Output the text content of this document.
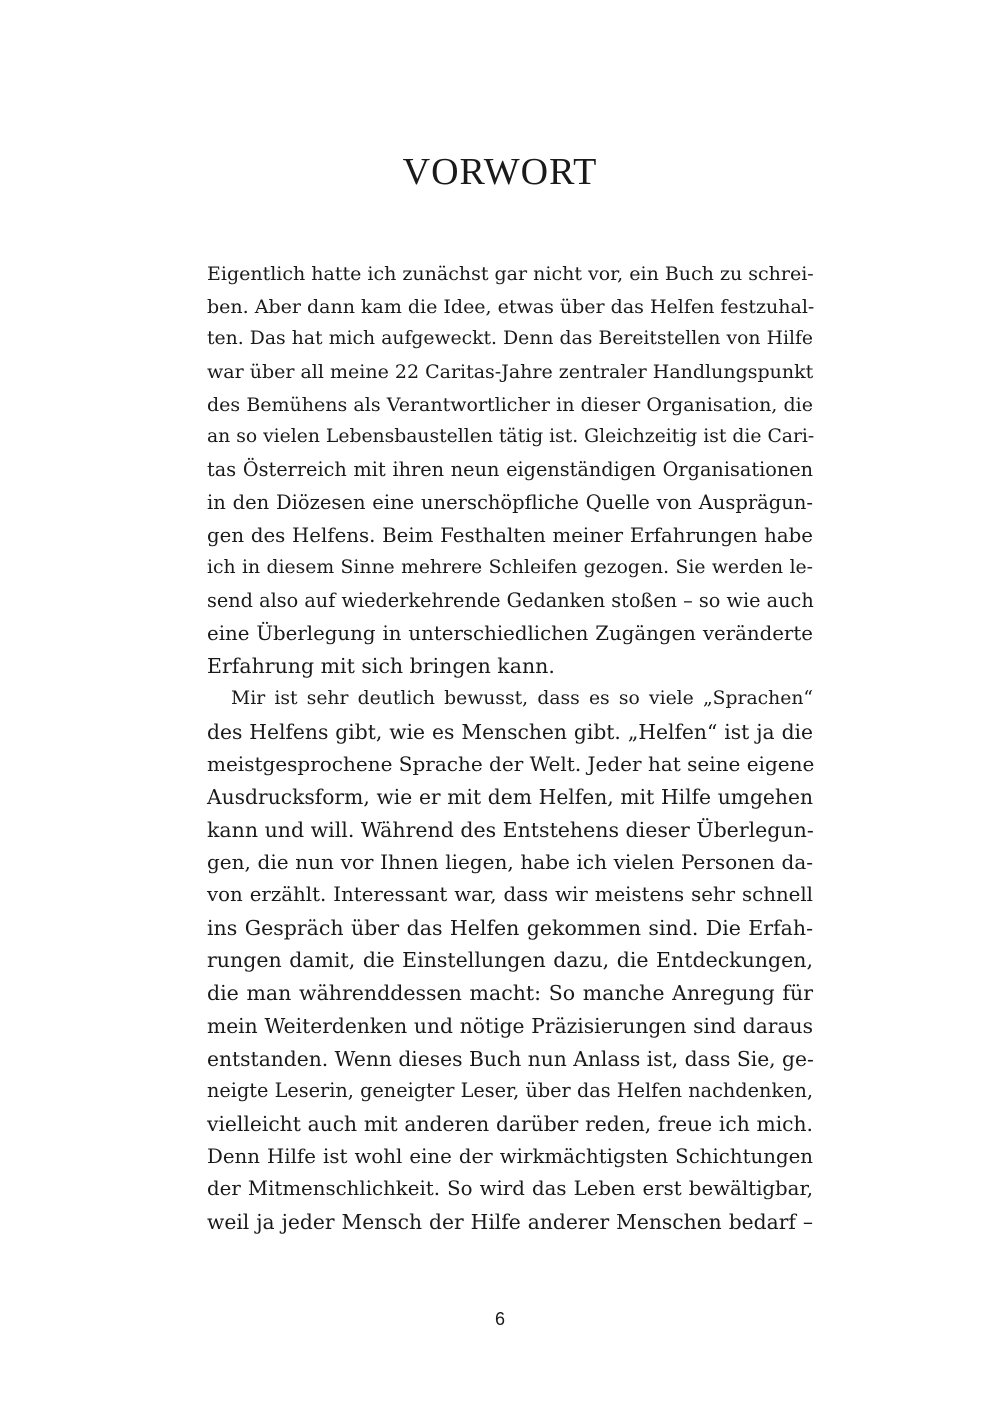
VORWORT
Eigentlich hatte ich zunächst gar nicht vor, ein Buch zu schrei-
ben. Aber dann kam die Idee, etwas über das Helfen festzuhal-
ten. Das hat mich aufgeweckt. Denn das Bereitstellen von Hilfe
war über all meine 22 Caritas-Jahre zentraler Handlungspunkt
des Bemühens als Verantwortlicher in dieser Organisation, die
an so vielen Lebensbaustellen tätig ist. Gleichzeitig ist die Cari-
tas Österreich mit ihren neun eigenständigen Organisationen
in den Diözesen eine unerschöpfliche Quelle von Ausprägun-
gen des Helfens. Beim Festhalten meiner Erfahrungen habe
ich in diesem Sinne mehrere Schleifen gezogen. Sie werden le-
send also auf wiederkehrende Gedanken stoßen – so wie auch
eine Überlegung in unterschiedlichen Zugängen veränderte
Erfahrung mit sich bringen kann.
Mir ist sehr deutlich bewusst, dass es so viele „Sprachen“
des Helfens gibt, wie es Menschen gibt. „Helfen“ ist ja die
meistgesprochene Sprache der Welt. Jeder hat seine eigene
Ausdrucksform, wie er mit dem Helfen, mit Hilfe umgehen
kann und will. Während des Entstehens dieser Überlegun-
gen, die nun vor Ihnen liegen, habe ich vielen Personen da-
von erzählt. Interessant war, dass wir meistens sehr schnell
ins Gespräch über das Helfen gekommen sind. Die Erfah-
rungen damit, die Einstellungen dazu, die Entdeckungen,
die man währenddessen macht: So manche Anregung für
mein Weiterdenken und nötige Präzisierungen sind daraus
entstanden. Wenn dieses Buch nun Anlass ist, dass Sie, ge-
neigte Leserin, geneigter Leser, über das Helfen nachdenken,
vielleicht auch mit anderen darüber reden, freue ich mich.
Denn Hilfe ist wohl eine der wirkmächtigsten Schichtungen
der Mitmenschlichkeit. So wird das Leben erst bewältigbar,
weil ja jeder Mensch der Hilfe anderer Menschen bedarf –
6
